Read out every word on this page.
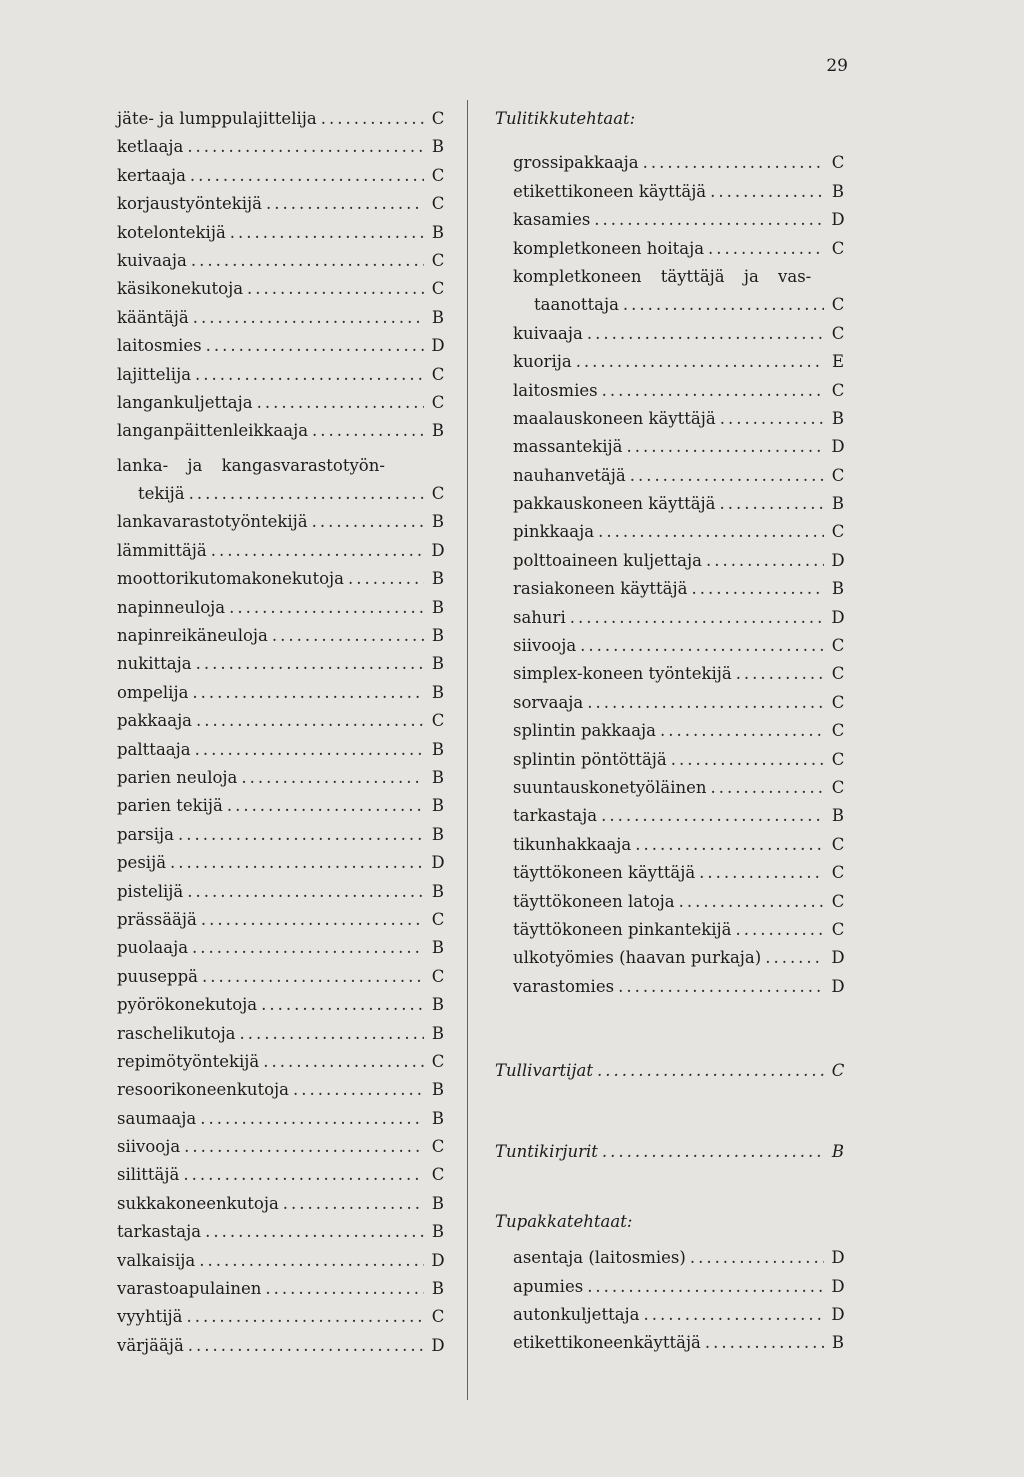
29
jäte- ja lumppulajittelija .....	C
ketlaaja .....	B
kertaaja .....	C
korjaustyöntekijä .....	C
kotelontekijä .....	B
kuivaaja .....	C
käsikonekutoja .....	C
kääntäjä .....	B
laitosmies .....	D
lajittelija .....	C
langankuljettaja .....	C
langanpäittenleikkaaja .....	B
lanka- ja kangasvarastotyön-
tekijä .....	C
lankavarastotyöntekijä .....	B
lämmittäjä .....	D
moottorikutomakonekutoja .....	B
napinneuloja .....	B
napinreikäneuloja .....	B
nukittaja .....	B
ompelija .....	B
pakkaaja .....	C
palttaaja .....	B
parien neuloja .....	B
parien tekijä .....	B
parsija .....	B
pesijä .....	D
pistelijä .....	B
prässääjä .....	C
puolaaja .....	B
puuseppä .....	C
pyörökonekutoja .....	B
raschelikutoja .....	B
repimötyöntekijä .....	C
resoorikoneenkutoja .....	B
saumaaja .....	B
siivooja .....	C
silittäjä .....	C
sukkakoneenkutoja .....	B
tarkastaja .....	B
valkaisija .....	D
varastoapulainen .....	B
vyyhtijä .....	C
värjääjä .....	D
Tulitikkutehtaat:
grossipakkaaja .....	C
etikettikoneen käyttäjä .....	B
kasamies .....	D
kompletkoneen hoitaja .....	C
kompletkoneen täyttäjä ja vas-
taanottaja .....	C
kuivaaja .....	C
kuorija .....	E
laitosmies .....	C
maalauskoneen käyttäjä .....	B
massantekijä .....	D
nauhanvetäjä .....	C
pakkauskoneen käyttäjä .....	B
pinkkaaja .....	C
polttoaineen kuljettaja .....	D
rasiakoneen käyttäjä .....	B
sahuri .....	D
siivooja .....	C
simplex-koneen työntekijä .....	C
sorvaaja .....	C
splintin pakkaaja .....	C
splintin pöntöttäjä .....	C
suuntauskonetyöläinen .....	C
tarkastaja .....	B
tikunhakkaaja .....	C
täyttökoneen käyttäjä .....	C
täyttökoneen latoja .....	C
täyttökoneen pinkantekijä .....	C
ulkotyömies (haavan purkaja) .....	D
varastomies .....	D
Tullivartijat .....	C
Tuntikirjurit .....	B
Tupakkatehtaat:
asentaja (laitosmies) .....	D
apumies .....	D
autonkuljettaja .....	D
etikettikoneenkäyttäjä .....	B
